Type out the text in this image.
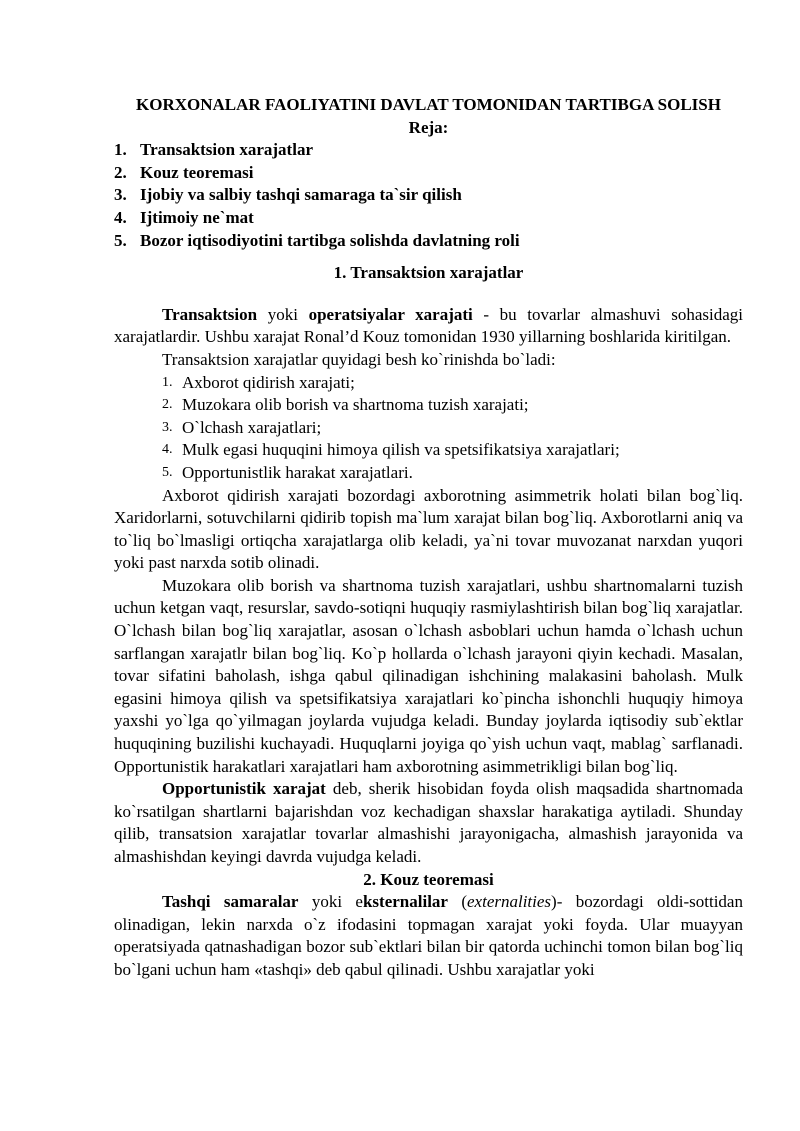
KORXONALAR FAOLIYATINI DAVLAT TOMONIDAN TARTIBGA SOLISH

Reja:

1. Transaktsion xarajatlar
2. Kouz teoremasi
3. Ijobiy va salbiy tashqi samaraga ta`sir qilish
4. Ijtimoiy ne`mat
5. Bozor iqtisodiyotini tartibga solishda davlatning roli
1. Transaktsion xarajatlar

Transaktsion yoki operatsiyalar xarajati - bu tovarlar almashuvi sohasidagi xarajatlardir. Ushbu xarajat Ronal’d Kouz tomonidan 1930 yillarning boshlarida kiritilgan.

Transaktsion xarajatlar quyidagi besh ko`rinishda bo`ladi:

1. Axborot qidirish xarajati;
2. Muzokara olib borish va shartnoma tuzish xarajati;
3. O`lchash xarajatlari;
4. Mulk egasi huquqini himoya qilish va spetsifikatsiya xarajatlari;
5. Opportunistlik harakat xarajatlari.

Axborot qidirish xarajati bozordagi axborotning asimmetrik holati bilan bog`liq. Xaridorlarni, sotuvchilarni qidirib topish ma`lum xarajat bilan bog`liq. Axborotlarni aniq va to`liq bo`lmasligi ortiqcha xarajatlarga olib keladi, ya`ni tovar muvozanat narxdan yuqori yoki past narxda sotib olinadi.

Muzokara olib borish va shartnoma tuzish xarajatlari, ushbu shartnomalarni tuzish uchun ketgan vaqt, resurslar, savdo-sotiqni huquqiy rasmiylashtirish bilan bog`liq xarajatlar. O`lchash bilan bog`liq xarajatlar, asosan o`lchash asboblari uchun hamda o`lchash uchun sarflangan xarajatlr bilan bog`liq. Ko`p hollarda o`lchash jarayoni qiyin kechadi. Masalan, tovar sifatini baholash, ishga qabul qilinadigan ishchining malakasini baholash. Mulk egasini himoya qilish va spetsifikatsiya xarajatlari ko`pincha ishonchli huquqiy himoya yaxshi yo`lga qo`yilmagan joylarda vujudga keladi. Bunday joylarda iqtisodiy sub`ektlar huquqining buzilishi kuchayadi. Huquqlarni joyiga qo`yish uchun vaqt, mablag` sarflanadi. Opportunistik harakatlari xarajatlari ham axborotning asimmetrikligi bilan bog`liq.

Opportunistik xarajat deb, sherik hisobidan foyda olish maqsadida shartnomada ko`rsatilgan shartlarni bajarishdan voz kechadigan shaxslar harakatiga aytiladi. Shunday qilib, transatsion xarajatlar tovarlar almashishi jarayonigacha, almashish jarayonida va almashishdan keyingi davrda vujudga keladi.

2. Kouz teoremasi

Tashqi samaralar yoki eksternalilar (externalities)- bozordagi oldi-sottidan olinadigan, lekin narxda o`z ifodasini topmagan xarajat yoki foyda. Ular muayyan operatsiyada qatnashadigan bozor sub`ektlari bilan bir qatorda uchinchi tomon bilan bog`liq bo`lgani uchun ham «tashqi» deb qabul qilinadi. Ushbu xarajatlar yoki
